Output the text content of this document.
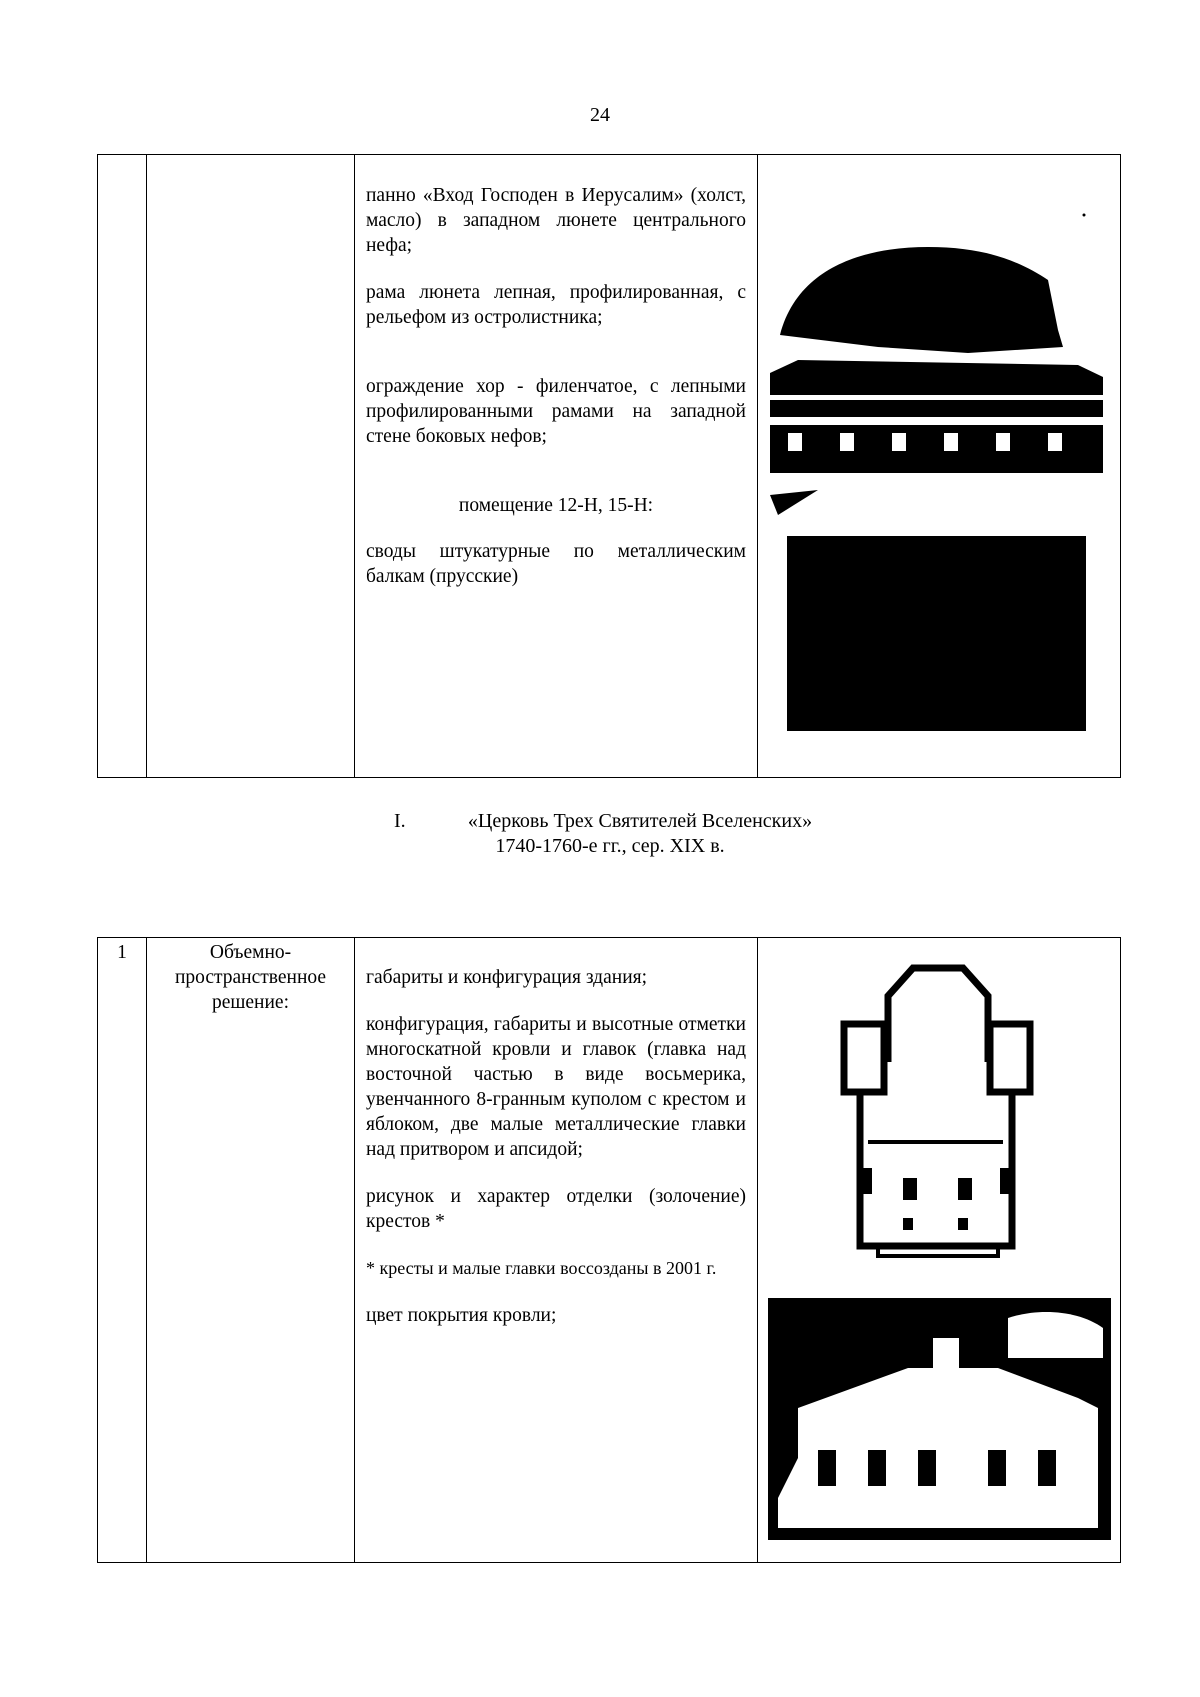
24

панно «Вход Господен в Иерусалим» (холст, масло) в западном люнете центрального нефа;

рама люнета лепная, профилированная, с рельефом из остролистника;

ограждение хор - филенчатое, с лепными профилированными рамами на западной стене боковых нефов;

помещение 12-Н, 15-Н:

своды штукатурные по металлическим балкам (прусские)

I.	«Церковь Трех Святителей Вселенских»
1740-1760-е гг., сер. XIX в.
1	Объемно-пространственное решение:

габариты и конфигурация здания;

конфигурация, габариты и высотные отметки многоскатной кровли и главок (главка над восточной частью в виде восьмерика, увенчанного 8-гранным куполом с крестом и яблоком, две малые металлические главки над притвором и апсидой;

рисунок и характер отделки (золочение) крестов *

* кресты и малые главки воссозданы в 2001 г.

цвет покрытия кровли;
